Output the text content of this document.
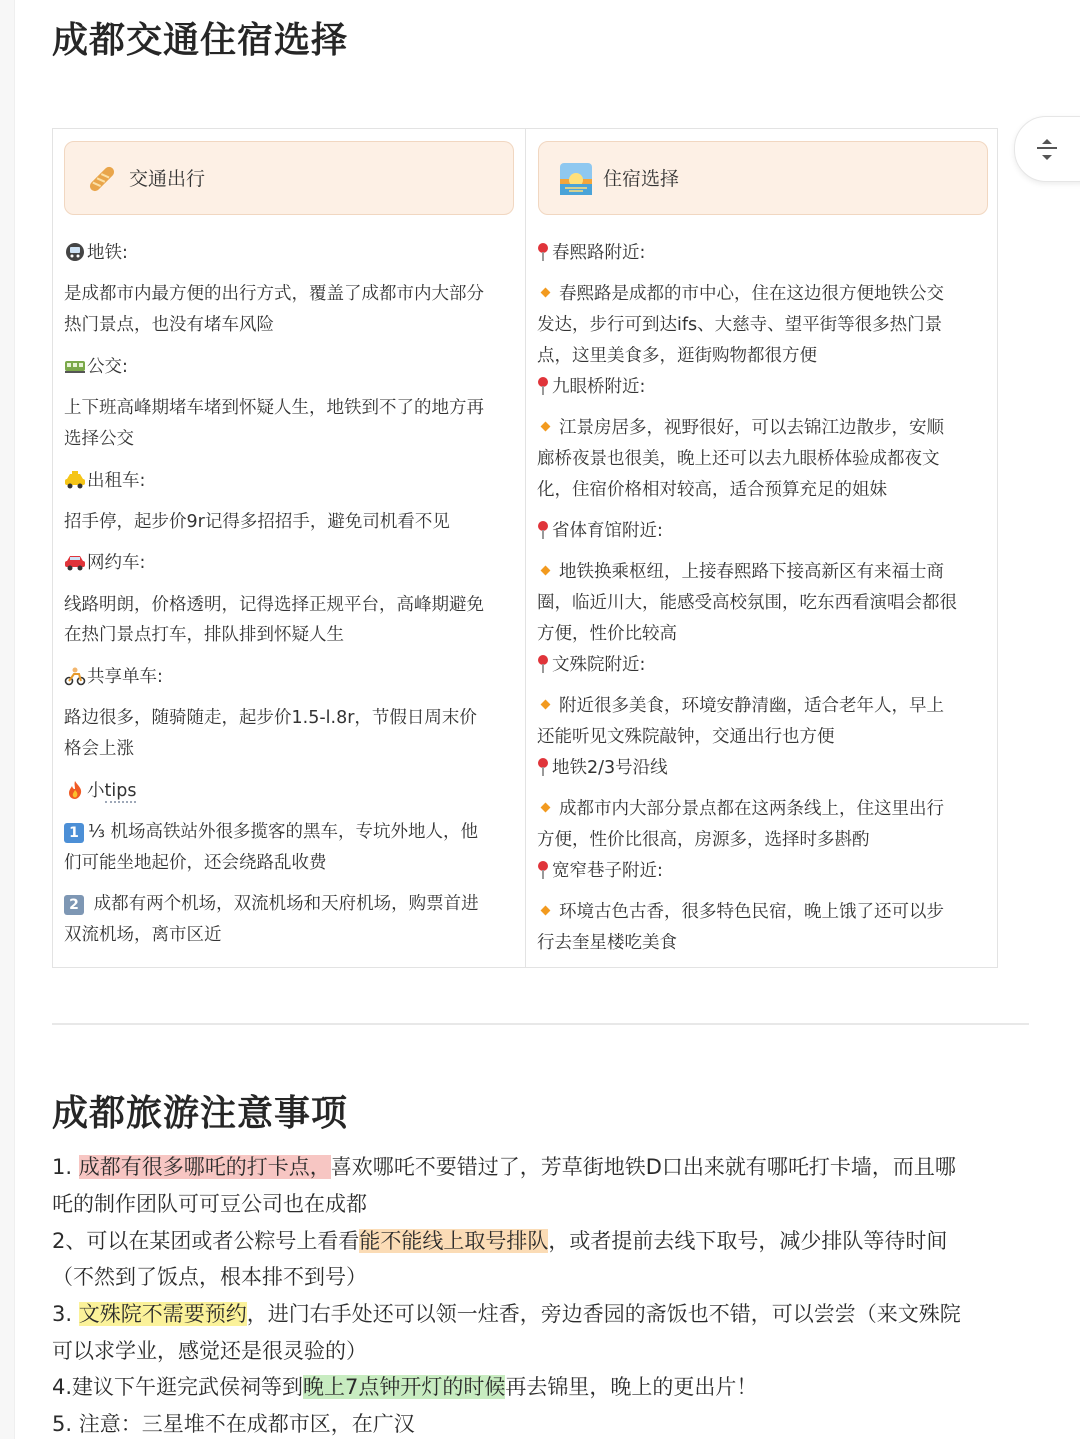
成都交通住宿选择
交通出行
地铁:
是成都市内最方便的出行方式，覆盖了成都市内大部分
热门景点，也没有堵车风险
公交:
上下班高峰期堵车堵到怀疑人生，地铁到不了的地方再
选择公交
出租车:
招手停，起步价9r记得多招招手，避免司机看不见
网约车:
线路明朗，价格透明，记得选择正规平台，高峰期避免
在热门景点打车，排队排到怀疑人生
共享单车:
路边很多，随骑随走，起步价1.5-l.8r，节假日周末价
格会上涨
小tips
1 ⅓ 机场高铁站外很多揽客的黑车，专坑外地人，他
们可能坐地起价，还会绕路乱收费
2 成都有两个机场，双流机场和天府机场，购票首进
双流机场，离市区近
住宿选择
春熙路附近:
春熙路是成都的市中心，住在这边很方便地铁公交
发达，步行可到达ifs、大慈寺、望平街等很多热门景
点，这里美食多，逛街购物都很方便
九眼桥附近:
江景房居多，视野很好，可以去锦江边散步，安顺
廊桥夜景也很美，晚上还可以去九眼桥体验成都夜文
化，住宿价格相对较高，适合预算充足的姐妹
省体育馆附近:
地铁换乘枢纽，上接春熙路下接高新区有来福士商
圈，临近川大，能感受高校氛围，吃东西看演唱会都很
方便，性价比较高
文殊院附近:
附近很多美食，环境安静清幽，适合老年人，早上
还能听见文殊院敲钟，交通出行也方便
地铁2/3号沿线
成都市内大部分景点都在这两条线上，住这里出行
方便，性价比很高，房源多，选择时多斟酌
宽窄巷子附近:
环境古色古香，很多特色民宿，晚上饿了还可以步
行去奎星楼吃美食
成都旅游注意事项
1. 成都有很多哪吒的打卡点，喜欢哪吒不要错过了，芳草街地铁D口出来就有哪吒打卡墙，而且哪
吒的制作团队可可豆公司也在成都
2、可以在某团或者公粽号上看看能不能线上取号排队，或者提前去线下取号，减少排队等待时间
（不然到了饭点，根本排不到号）
3. 文殊院不需要预约，进门右手处还可以领一炷香，旁边香园的斋饭也不错，可以尝尝（来文殊院
可以求学业，感觉还是很灵验的）
4.建议下午逛完武侯祠等到晚上7点钟开灯的时候再去锦里，晚上的更出片！
5. 注意：三星堆不在成都市区，在广汉
